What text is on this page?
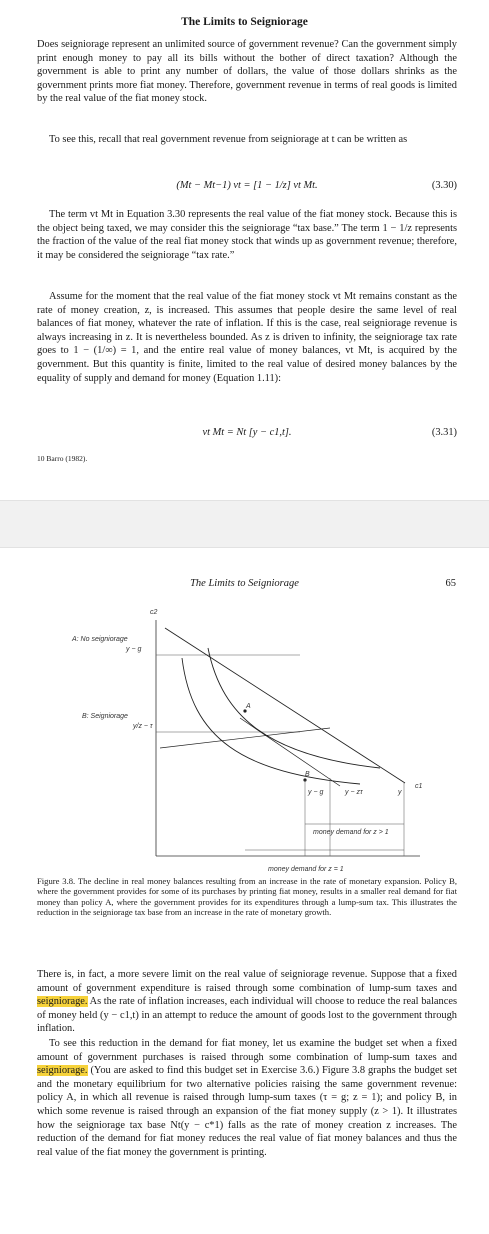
The Limits to Seigniorage

Does seigniorage represent an unlimited source of government revenue? Can the government simply print enough money to pay all its bills without the bother of direct taxation? Although the government is able to print any number of dollars, the value of those dollars shrinks as the government prints more fiat money. Therefore, government revenue in terms of real goods is limited by the real value of the fiat money stock.

To see this, recall that real government revenue from seigniorage at t can be written as

(Mt − Mt−1) vt = [1 − 1/z] vt Mt.	(3.30)

The term vt Mt in Equation 3.30 represents the real value of the fiat money stock. Because this is the object being taxed, we may consider this the seigniorage “tax base.” The term 1 − 1/z represents the fraction of the value of the real fiat money stock that winds up as government revenue; therefore, it may be considered the seigniorage “tax rate.”

Assume for the moment that the real value of the fiat money stock vt Mt remains constant as the rate of money creation, z, is increased. This assumes that people desire the same level of real balances of fiat money, whatever the rate of inflation. If this is the case, real seigniorage revenue is always increasing in z. It is nevertheless bounded. As z is driven to infinity, the seigniorage tax rate goes to 1 − (1/∞) = 1, and the entire real value of money balances, vt Mt, is acquired by the government. But this quantity is finite, limited to the real value of desired money balances by the equality of supply and demand for money (Equation 1.11):

vt Mt = Nt [y − c1,t].	(3.31)
10 Barro (1982).
The Limits to Seigniorage	65
c2
c1
A: No seigniorage
y − g
B: Seigniorage
y/z − τ
A
B
y − g	y − zτ	y
money demand for z > 1
money demand for z = 1

Figure 3.8. The decline in real money balances resulting from an increase in the rate of monetary expansion. Policy B, where the government provides for some of its purchases by printing fiat money, results in a smaller real demand for fiat money than policy A, where the government provides for its expenditures through a lump-sum tax. This illustrates the reduction in the seigniorage tax base from an increase in the rate of monetary growth.

There is, in fact, a more severe limit on the real value of seigniorage revenue. Suppose that a fixed amount of government expenditure is raised through some combination of lump-sum taxes and seigniorage. As the rate of inflation increases, each individual will choose to reduce the real balances of money held (y − c1,t) in an attempt to reduce the amount of goods lost to the government through inflation.

To see this reduction in the demand for fiat money, let us examine the budget set when a fixed amount of government purchases is raised through some combination of lump-sum taxes and seigniorage. (You are asked to find this budget set in Exercise 3.6.) Figure 3.8 graphs the budget set and the monetary equilibrium for two alternative policies raising the same government revenue: policy A, in which all revenue is raised through lump-sum taxes (τ = g; z = 1); and policy B, in which some revenue is raised through an expansion of the fiat money supply (z > 1). It illustrates how the seigniorage tax base Nt(y − c*1) falls as the rate of money creation z increases. The reduction of the demand for fiat money reduces the real value of fiat money balances and thus the real value of the fiat money the government is printing.
